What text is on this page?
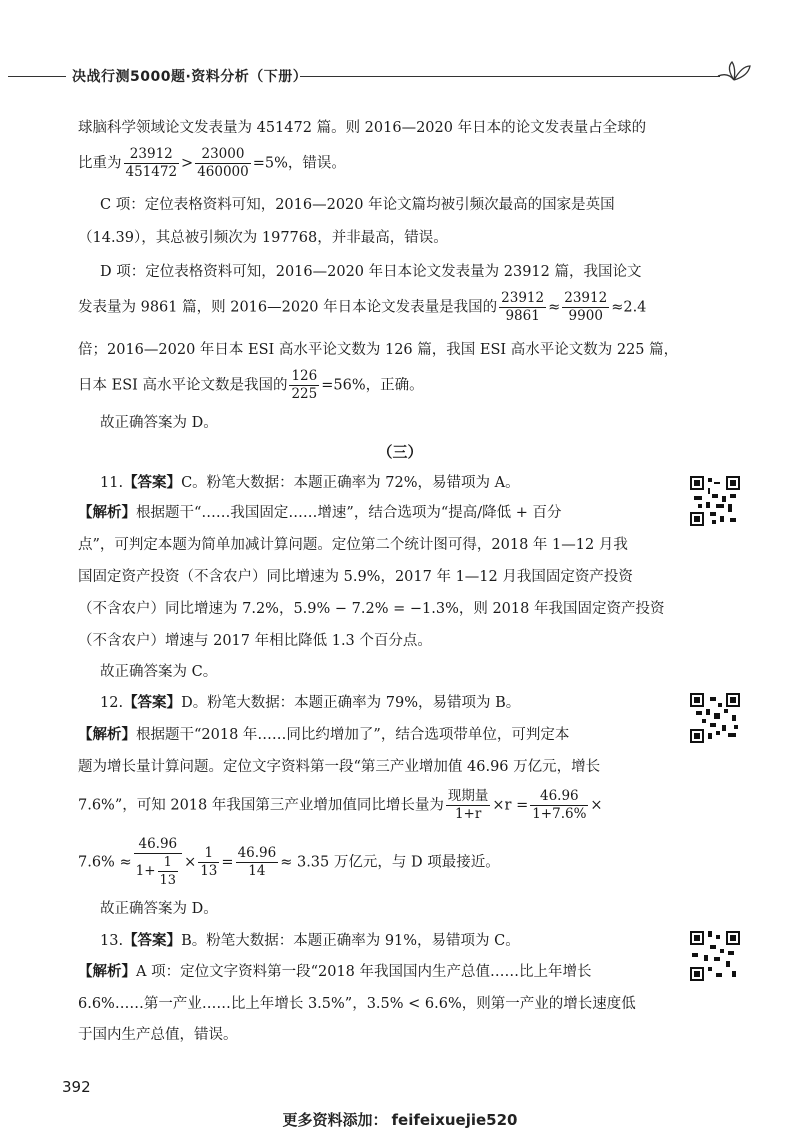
决战行测5000题·资料分析（下册）
球脑科学领域论文发表量为 451472 篇。则 2016—2020 年日本的论文发表量占全球的
比重为 $\frac{23912}{451472} > \frac{23000}{460000} =5\%$，错误。
C 项：定位表格资料可知，2016—2020 年论文篇均被引频次最高的国家是英国
（14.39），其总被引频次为 197768，并非最高，错误。
D 项：定位表格资料可知，2016—2020 年日本论文发表量为 23912 篇，我国论文
发表量为 9861 篇，则 2016—2020 年日本论文发表量是我国的 $\frac{23912}{9861} \approx \frac{23912}{9900} \approx 2.4$
倍；2016—2020 年日本 ESI 高水平论文数为 126 篇，我国 ESI 高水平论文数为 225 篇，
日本 ESI 高水平论文数是我国的 $\frac{126}{225} =56\%$，正确。
故正确答案为 D。
（三）
11.【答案】C。粉笔大数据：本题正确率为 72%，易错项为 A。
【解析】根据题干“……我国固定……增速”，结合选项为“提高/降低 + 百分
点”，可判定本题为简单加减计算问题。定位第二个统计图可得，2018 年 1—12 月我
国固定资产投资（不含农户）同比增速为 5.9%，2017 年 1—12 月我国固定资产投资
（不含农户）同比增速为 7.2%，5.9% − 7.2% = −1.3%，则 2018 年我国固定资产投资
（不含农户）增速与 2017 年相比降低 1.3 个百分点。
故正确答案为 C。
12.【答案】D。粉笔大数据：本题正确率为 79%，易错项为 B。
【解析】根据题干“2018 年……同比约增加了”，结合选项带单位，可判定本
题为增长量计算问题。定位文字资料第一段“第三产业增加值 46.96 万亿元，增长
7.6%”，可知 2018 年我国第三产业增加值同比增长量为 $\frac{\text{现期量}}{1+r} \times r = \frac{46.96}{1+7.6\%}$ ×
$7.6\% \approx \frac{46.96}{1+ \frac{1}{13}} \times \frac{1}{13} = \frac{46.96}{14} \approx 3.35$ 万亿元，与 D 项最接近。
故正确答案为 D。
13.【答案】B。粉笔大数据：本题正确率为 91%，易错项为 C。
【解析】A 项：定位文字资料第一段“2018 年我国国内生产总值……比上年增长
6.6%……第一产业……比上年增长 3.5%”，3.5% < 6.6%，则第一产业的增长速度低
于国内生产总值，错误。
392
更多资料添加： feifeixuejie520
